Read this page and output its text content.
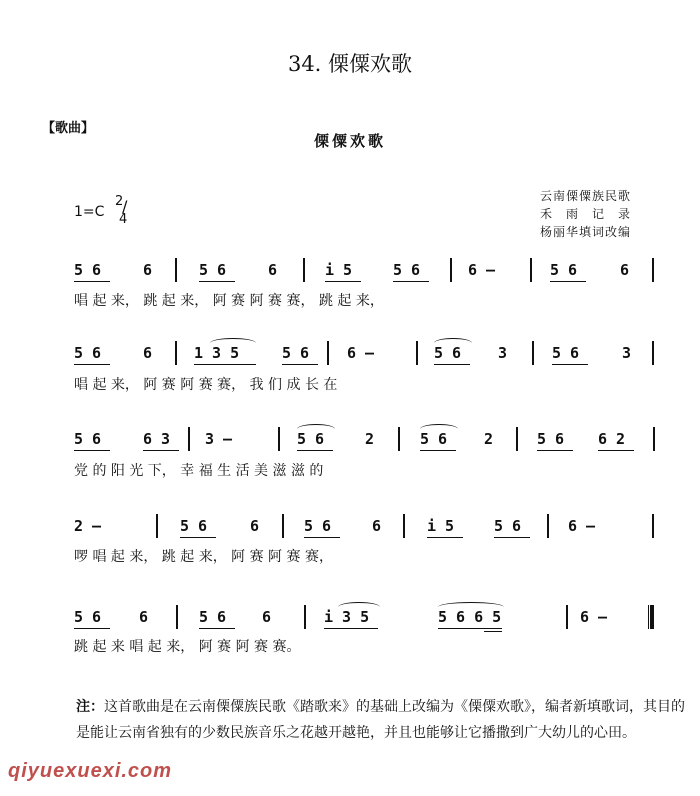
34. 傈僳欢歌
【歌曲】
傈僳欢歌
1=C
2
/
4
云南傈僳族民歌
禾　雨　记　录
杨丽华填词改编
5 6	6	5 6	6	i 5	5 6	6 —	5 6	6
唱 起 来， 跳 起 来， 阿 赛 阿 赛 赛， 跳 起 来，
5 6	6	1 3 5	5 6	6 —	5 6 3	5 6	3
唱 起 来， 阿 赛 阿 赛 赛， 我 们 成 长 在
5 6	6 3 3 —	5 6	2	5 6 2	5 6 6 2
党 的 阳 光 下， 幸 福 生 活 美 滋 滋 的
2 —	5 6	6	5 6	6	i 5	5 6	6 —
啰 唱 起 来， 跳 起 来， 阿 赛 阿 赛 赛，
5 6	6	5 6 6	i 3 5	5 6 6 5	6 —
跳 起 来 唱 起 来， 阿 赛 阿 赛 赛。
注：这首歌曲是在云南傈僳族民歌《踏歌来》的基础上改编为《傈僳欢歌》，编者新填歌词，其目的是能让云南省独有的少数民族音乐之花越开越艳，并且也能够让它播撒到广大幼儿的心田。
qiyuexuexi.com
